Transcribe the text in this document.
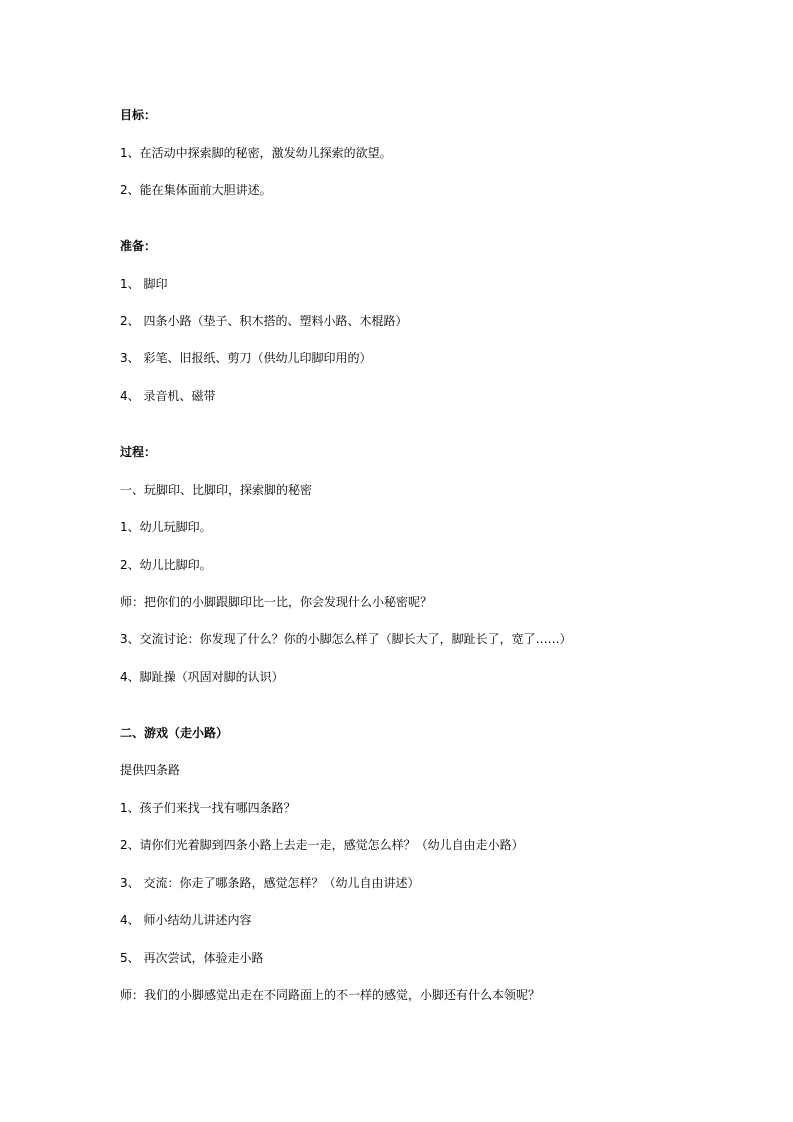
目标：
1、在活动中探索脚的秘密，激发幼儿探索的欲望。
2、能在集体面前大胆讲述。
准备：
1、 脚印
2、 四条小路（垫子、积木搭的、塑料小路、木棍路）
3、 彩笔、旧报纸、剪刀（供幼儿印脚印用的）
4、 录音机、磁带
过程：
一、玩脚印、比脚印，探索脚的秘密
1、幼儿玩脚印。
2、幼儿比脚印。
师：把你们的小脚跟脚印比一比，你会发现什么小秘密呢？
3、交流讨论：你发现了什么？你的小脚怎么样了（脚长大了，脚趾长了，宽了……）
4、脚趾操（巩固对脚的认识）
二、游戏（走小路）
提供四条路
1、孩子们来找一找有哪四条路？
2、请你们光着脚到四条小路上去走一走，感觉怎么样？（幼儿自由走小路）
3、 交流：你走了哪条路，感觉怎样？（幼儿自由讲述）
4、 师小结幼儿讲述内容
5、 再次尝试，体验走小路
师：我们的小脚感觉出走在不同路面上的不一样的感觉，小脚还有什么本领呢？
